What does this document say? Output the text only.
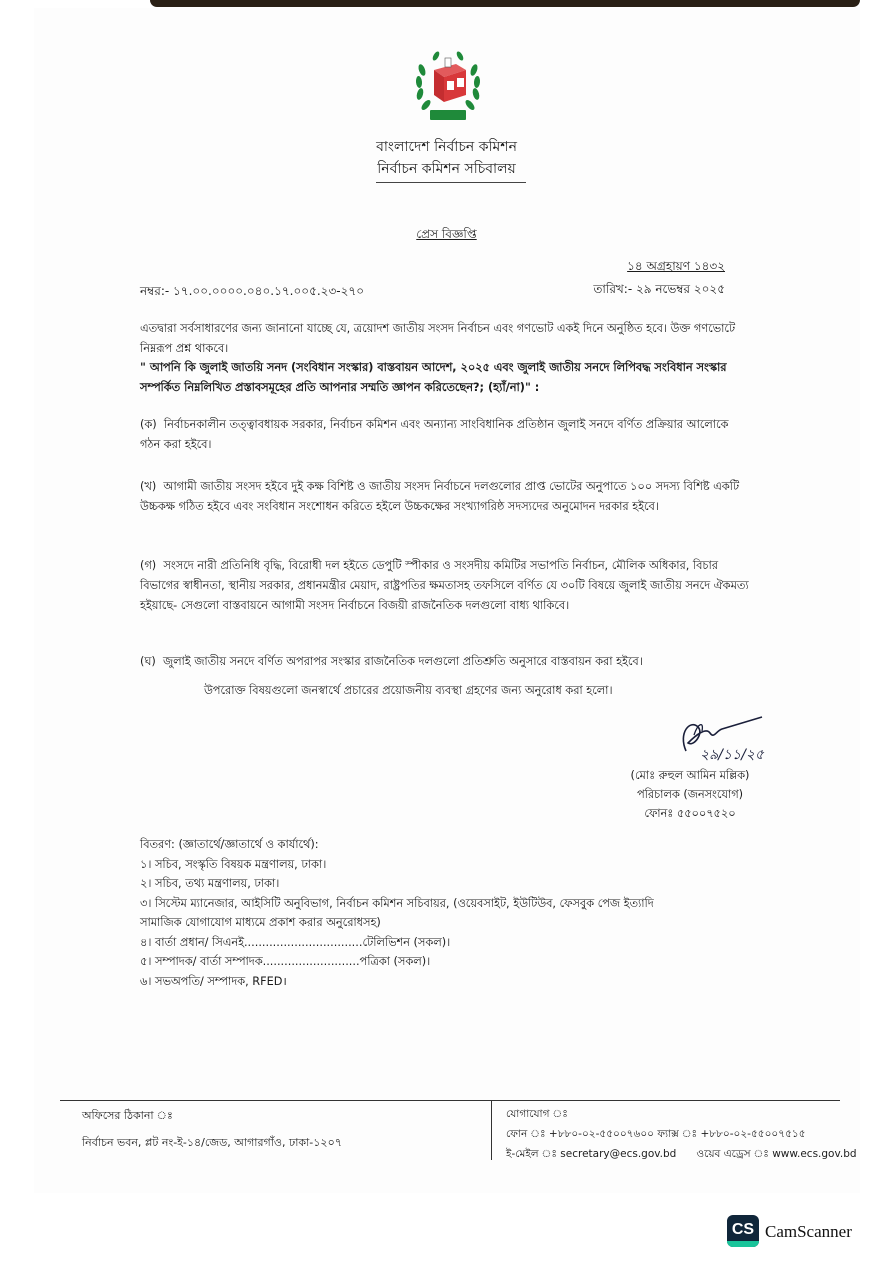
বাংলাদেশ নির্বাচন কমিশন
নির্বাচন কমিশন সচিবালয়
প্রেস বিজ্ঞপ্তি
১৪ অগ্রহায়ণ ১৪৩২
নম্বর:- ১৭.০০.০০০০.০৪০.১৭.০০৫.২৩-২৭০	তারিখ:- ২৯ নভেম্বর ২০২৫
এতদ্বারা সর্বসাধারণের জন্য জানানো যাচ্ছে যে, ত্রয়োদশ জাতীয় সংসদ নির্বাচন এবং গণভোট একই দিনে অনুষ্ঠিত হবে। উক্ত গণভোটে নিম্নরূপ প্রশ্ন থাকবে।
" আপনি কি জুলাই জাতয়ি সনদ (সংবিধান সংস্কার) বাস্তবায়ন আদেশ, ২০২৫ এবং জুলাই জাতীয় সনদে লিপিবদ্ধ সংবিধান সংস্কার সম্পর্কিত নিম্নলিখিত প্রস্তাবসমূহের প্রতি আপনার সম্মতি জ্ঞাপন করিতেছেন?; (হ্যাঁ/না)" :
(ক) নির্বাচনকালীন তত্ত্বাবধায়ক সরকার, নির্বাচন কমিশন এবং অন্যান্য সাংবিধানিক প্রতিষ্ঠান জুলাই সনদে বর্ণিত প্রক্রিয়ার আলোকে গঠন করা হইবে।
(খ) আগামী জাতীয় সংসদ হইবে দুই কক্ষ বিশিষ্ট ও জাতীয় সংসদ নির্বাচনে দলগুলোর প্রাপ্ত ভোটের অনুপাতে ১০০ সদস্য বিশিষ্ট একটি উচ্চকক্ষ গঠিত হইবে এবং সংবিধান সংশোধন করিতে হইলে উচ্চকক্ষের সংখ্যাগরিষ্ঠ সদস্যদের অনুমোদন দরকার হইবে।
(গ) সংসদে নারী প্রতিনিধি বৃদ্ধি, বিরোধী দল হইতে ডেপুটি স্পীকার ও সংসদীয় কমিটির সভাপতি নির্বাচন, মৌলিক অধিকার, বিচার বিভাগের স্বাধীনতা, স্থানীয় সরকার, প্রধানমন্ত্রীর মেয়াদ, রাষ্ট্রপতির ক্ষমতাসহ তফসিলে বর্ণিত যে ৩০টি বিষয়ে জুলাই জাতীয় সনদে ঐকমত্য হইয়াছে- সেগুলো বাস্তবায়নে আগামী সংসদ নির্বাচনে বিজয়ী রাজনৈতিক দলগুলো বাধ্য থাকিবে।
(ঘ) জুলাই জাতীয় সনদে বর্ণিত অপরাপর সংস্কার রাজনৈতিক দলগুলো প্রতিশ্রুতি অনুসারে বাস্তবায়ন করা হইবে।
উপরোক্ত বিষয়গুলো জনস্বার্থে প্রচারের প্রয়োজনীয় ব্যবস্থা গ্রহণের জন্য অনুরোধ করা হলো।
২৯/১১/২৫
(মোঃ রুহুল আমিন মল্লিক)
পরিচালক (জনসংযোগ)
ফোনঃ ৫৫০০৭৫২০
বিতরণ: (জ্ঞাতার্থে/জ্ঞাতার্থে ও কার্যার্থে):
১। সচিব, সংস্কৃতি বিষয়ক মন্ত্রণালয়, ঢাকা।
২। সচিব, তথ্য মন্ত্রণালয়, ঢাকা।
৩। সিস্টেম ম্যানেজার, আইসিটি অনুবিভাগ, নির্বাচন কমিশন সচিবায়র, (ওয়েবসাইট, ইউটিউব, ফেসবুক পেজ ইত্যাদি
সামাজিক যোগাযোগ মাধ্যমে প্রকাশ করার অনুরোধসহ)
৪। বার্তা প্রধান/ সিএনই.................................টেলিভিশন (সকল)।
৫। সম্পাদক/ বার্তা সম্পাদক...........................পত্রিকা (সকল)।
৬। সভঅপতি/ সম্পাদক, RFED।
অফিসের ঠিকানা ঃ
নির্বাচন ভবন, প্লট নং-ই-১৪/জেড, আগারগাঁও, ঢাকা-১২০৭
যোগাযোগ ঃ
ফোন ঃ +৮৮০-০২-৫৫০০৭৬০০ ফ্যাক্স ঃ +৮৮০-০২-৫৫০০৭৫১৫
ই-মেইল ঃ secretary@ecs.gov.bd ওয়েব এড্রেস ঃ www.ecs.gov.bd
CS CamScanner
